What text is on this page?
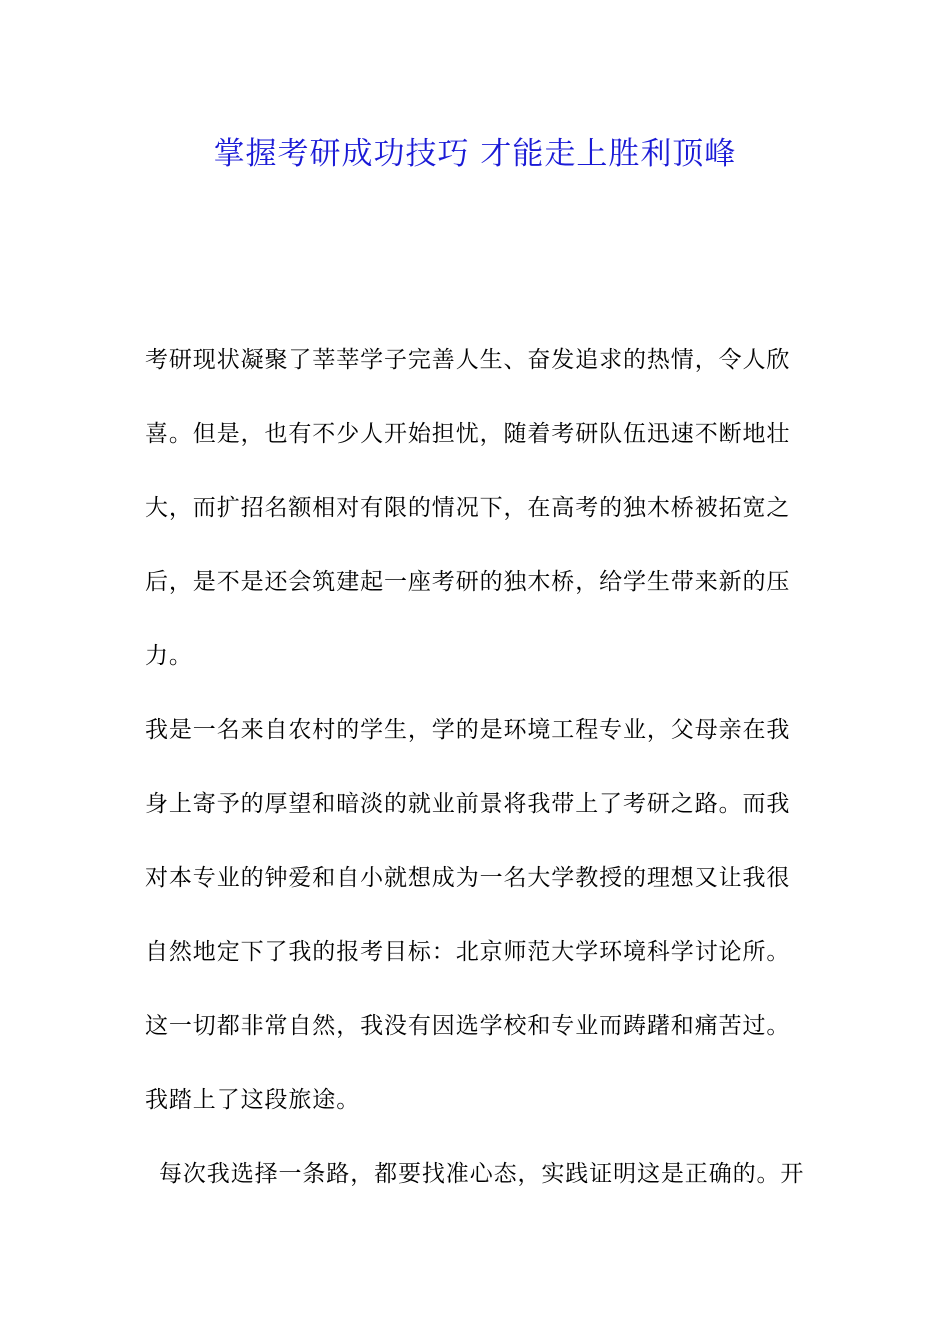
掌握考研成功技巧 才能走上胜利顶峰
考研现状凝聚了莘莘学子完善人生、奋发追求的热情，令人欣
喜。但是，也有不少人开始担忧，随着考研队伍迅速不断地壮
大，而扩招名额相对有限的情况下，在高考的独木桥被拓宽之
后，是不是还会筑建起一座考研的独木桥，给学生带来新的压
力。
我是一名来自农村的学生，学的是环境工程专业，父母亲在我
身上寄予的厚望和暗淡的就业前景将我带上了考研之路。而我
对本专业的钟爱和自小就想成为一名大学教授的理想又让我很
自然地定下了我的报考目标：北京师范大学环境科学讨论所。
这一切都非常自然，我没有因选学校和专业而踌躇和痛苦过。
我踏上了这段旅途。
每次我选择一条路，都要找准心态，实践证明这是正确的。开
